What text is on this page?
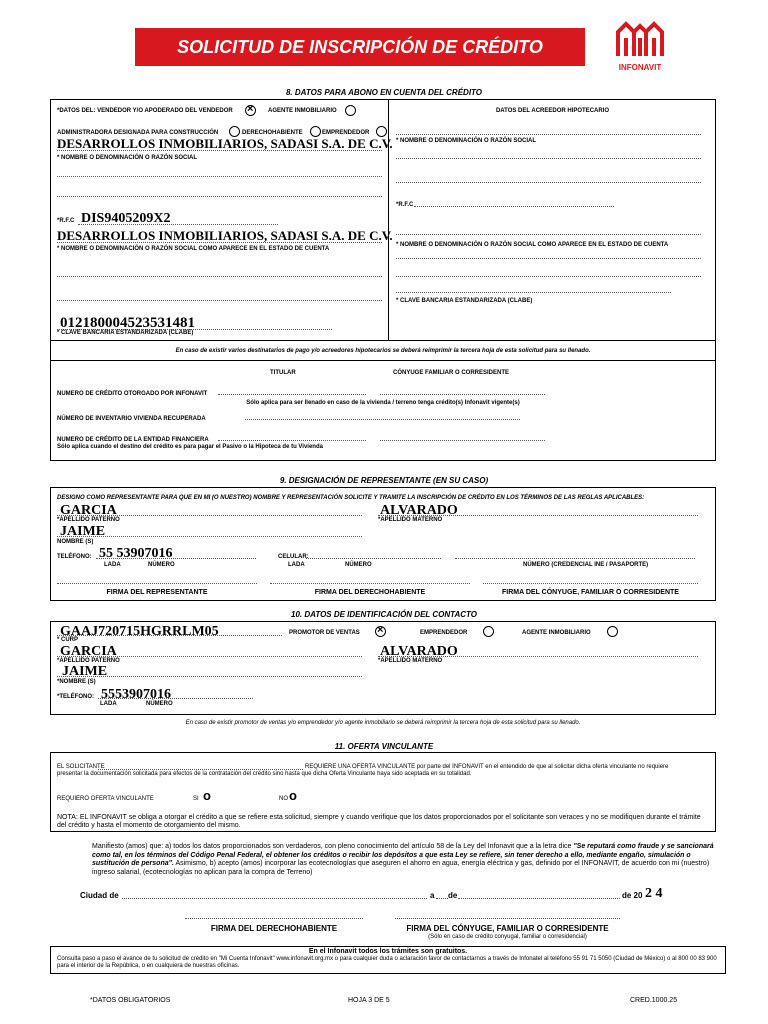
SOLICITUD DE INSCRIPCIÓN DE CRÉDITO
INFONAVIT
8. DATOS PARA ABONO EN CUENTA DEL CRÉDITO
*DATOS DEL: VENDEDOR Y/O APODERADO DEL VENDEDOR ×	AGENTE INMOBILIARIO
ADMINISTRADORA DESIGNADA PARA CONSTRUCCIÓN	DERECHOHABIENTE	EMPRENDEDOR
DESARROLLOS INMOBILIARIOS, SADASI S.A. DE C.V.
* NOMBRE O DENOMINACIÓN O RAZÓN SOCIAL
*R.F.C DIS9405209X2
DESARROLLOS INMOBILIARIOS, SADASI S.A. DE C.V.
* NOMBRE O DENOMINACIÓN O RAZÓN SOCIAL COMO APARECE EN EL ESTADO DE CUENTA
012180004523531481
* CLAVE BANCARIA ESTANDARIZADA (CLABE)
DATOS DEL ACREEDOR HIPOTECARIO
* NOMBRE O DENOMINACIÓN O RAZÓN SOCIAL
*R.F.C
* NOMBRE O DENOMINACIÓN O RAZÓN SOCIAL COMO APARECE EN EL ESTADO DE CUENTA
* CLAVE BANCARIA ESTANDARIZADA (CLABE)
En caso de existir varios destinatarios de pago y/o acreedores hipotecarios se deberá reimprimir la tercera hoja de esta solicitud para su llenado.
TITULAR	CÓNYUGE FAMILIAR O CORRESIDENTE
NUMERO DE CRÉDITO OTORGADO POR INFONAVIT
Sólo aplica para ser llenado en caso de la vivienda / terreno tenga crédito(s) Infonavit vigente(s)
NÚMERO DE INVENTARIO VIVIENDA RECUPERADA
NUMERO DE CRÉDITO DE LA ENTIDAD FINANCIERA
Sólo aplica cuando el destino del crédito es para pagar el Pasivo o la Hipoteca de tu Vivienda
9. DESIGNACIÓN DE REPRESENTANTE (EN SU CASO)
DESIGNO COMO REPRESENTANTE PARA QUE EN MI (O NUESTRO) NOMBRE Y REPRESENTACIÓN SOLICITE Y TRAMITE LA INSCRIPCIÓN DE CRÉDITO EN LOS TÉRMINOS DE LAS REGLAS APLICABLES:
GARCIA
*APELLIDO PATERNO
ALVARADO
*APELLIDO MATERNO
JAIME
NOMBRE (S)
TELÉFONO: 55 53907016
LADA	NÚMERO
CELULAR:
LADA	NÚMERO	NÚMERO (CREDENCIAL INE / PASAPORTE)
FIRMA DEL REPRESENTANTE	FIRMA DEL DERECHOHABIENTE	FIRMA DEL CÓNYUGE, FAMILIAR O CORRESIDENTE
10. DATOS DE IDENTIFICACIÓN DEL CONTACTO
GAAJ720715HGRRLM05
* CURP
PROMOTOR DE VENTAS ×	EMPRENDEDOR	AGENTE INMOBILIARIO
GARCIA
*APELLIDO PATERNO
ALVARADO
*APELLIDO MATERNO
JAIME
*NOMBRE (S)
*TELÉFONO: 5553907016
LADA	NÚMERO
En caso de existir promotor de ventas y/o emprendedor y/o agente inmobiliario se deberá reimprimir la tercera hoja de esta solicitud para su llenado.
11. OFERTA VINCULANTE
EL SOLICITANTE	REQUIERE UNA OFERTA VINCULANTE por parte del INFONAVIT en el entendido de que al solicitar dicha oferta vinculante no requiere
presentar la documentación solicitada para efectos de la contratación del crédito sino hasta que dicha Oferta Vinculante haya sido aceptada en su totalidad.
REQUIERO OFERTA VINCULANTE	SI o	NO o
NOTA: EL INFONAVIT se obliga a otorgar el crédito a que se refiere esta solicitud, siempre y cuando verifique que los datos proporcionados por el solicitante son veraces y no se modifiquen durante el trámite del crédito y hasta el momento de otorgamiento del mismo.
Manifiesto (amos) que: a) todos los datos proporcionados son verdaderos, con pleno conocimiento del artículo 58 de la Ley del Infonavit que a la letra dice "Se reputará como fraude y se sancionará como tal, en los términos del Código Penal Federal, el obtener los créditos o recibir los depósitos a que esta Ley se refiere, sin tener derecho a ello, mediante engaño, simulación o sustitución de persona". Asimismo, b) acepto (amos) incorporar las ecotecnologías que aseguren el ahorro en agua, energía eléctrica y gas, definido por el INFONAVIT, de acuerdo con mi (nuestro) ingreso salarial, (ecotecnologías no aplican para la compra de Terreno)
Ciudad de	a de	de 20 2 4
FIRMA DEL DERECHOHABIENTE	FIRMA DEL CÓNYUGE, FAMILIAR O CORRESIDENTE
(Sólo en caso de crédito conyugal, familiar o corresidencial)
En el Infonavit todos los trámites son gratuitos.
Consulta paso a paso el avance de tu solicitud de crédito en "Mi Cuenta Infonavit" www.infonavit.org.mx o para cualquier duda o aclaración favor de contactarnos a través de Infonatel al teléfono 55 91 71 5050 (Ciudad de México) o al 800 00 83 900 para el interior de la República, o en cualquiera de nuestras oficinas.
*DATOS OBLIGATORIOS	HOJA 3 DE 5	CRED.1000.25
